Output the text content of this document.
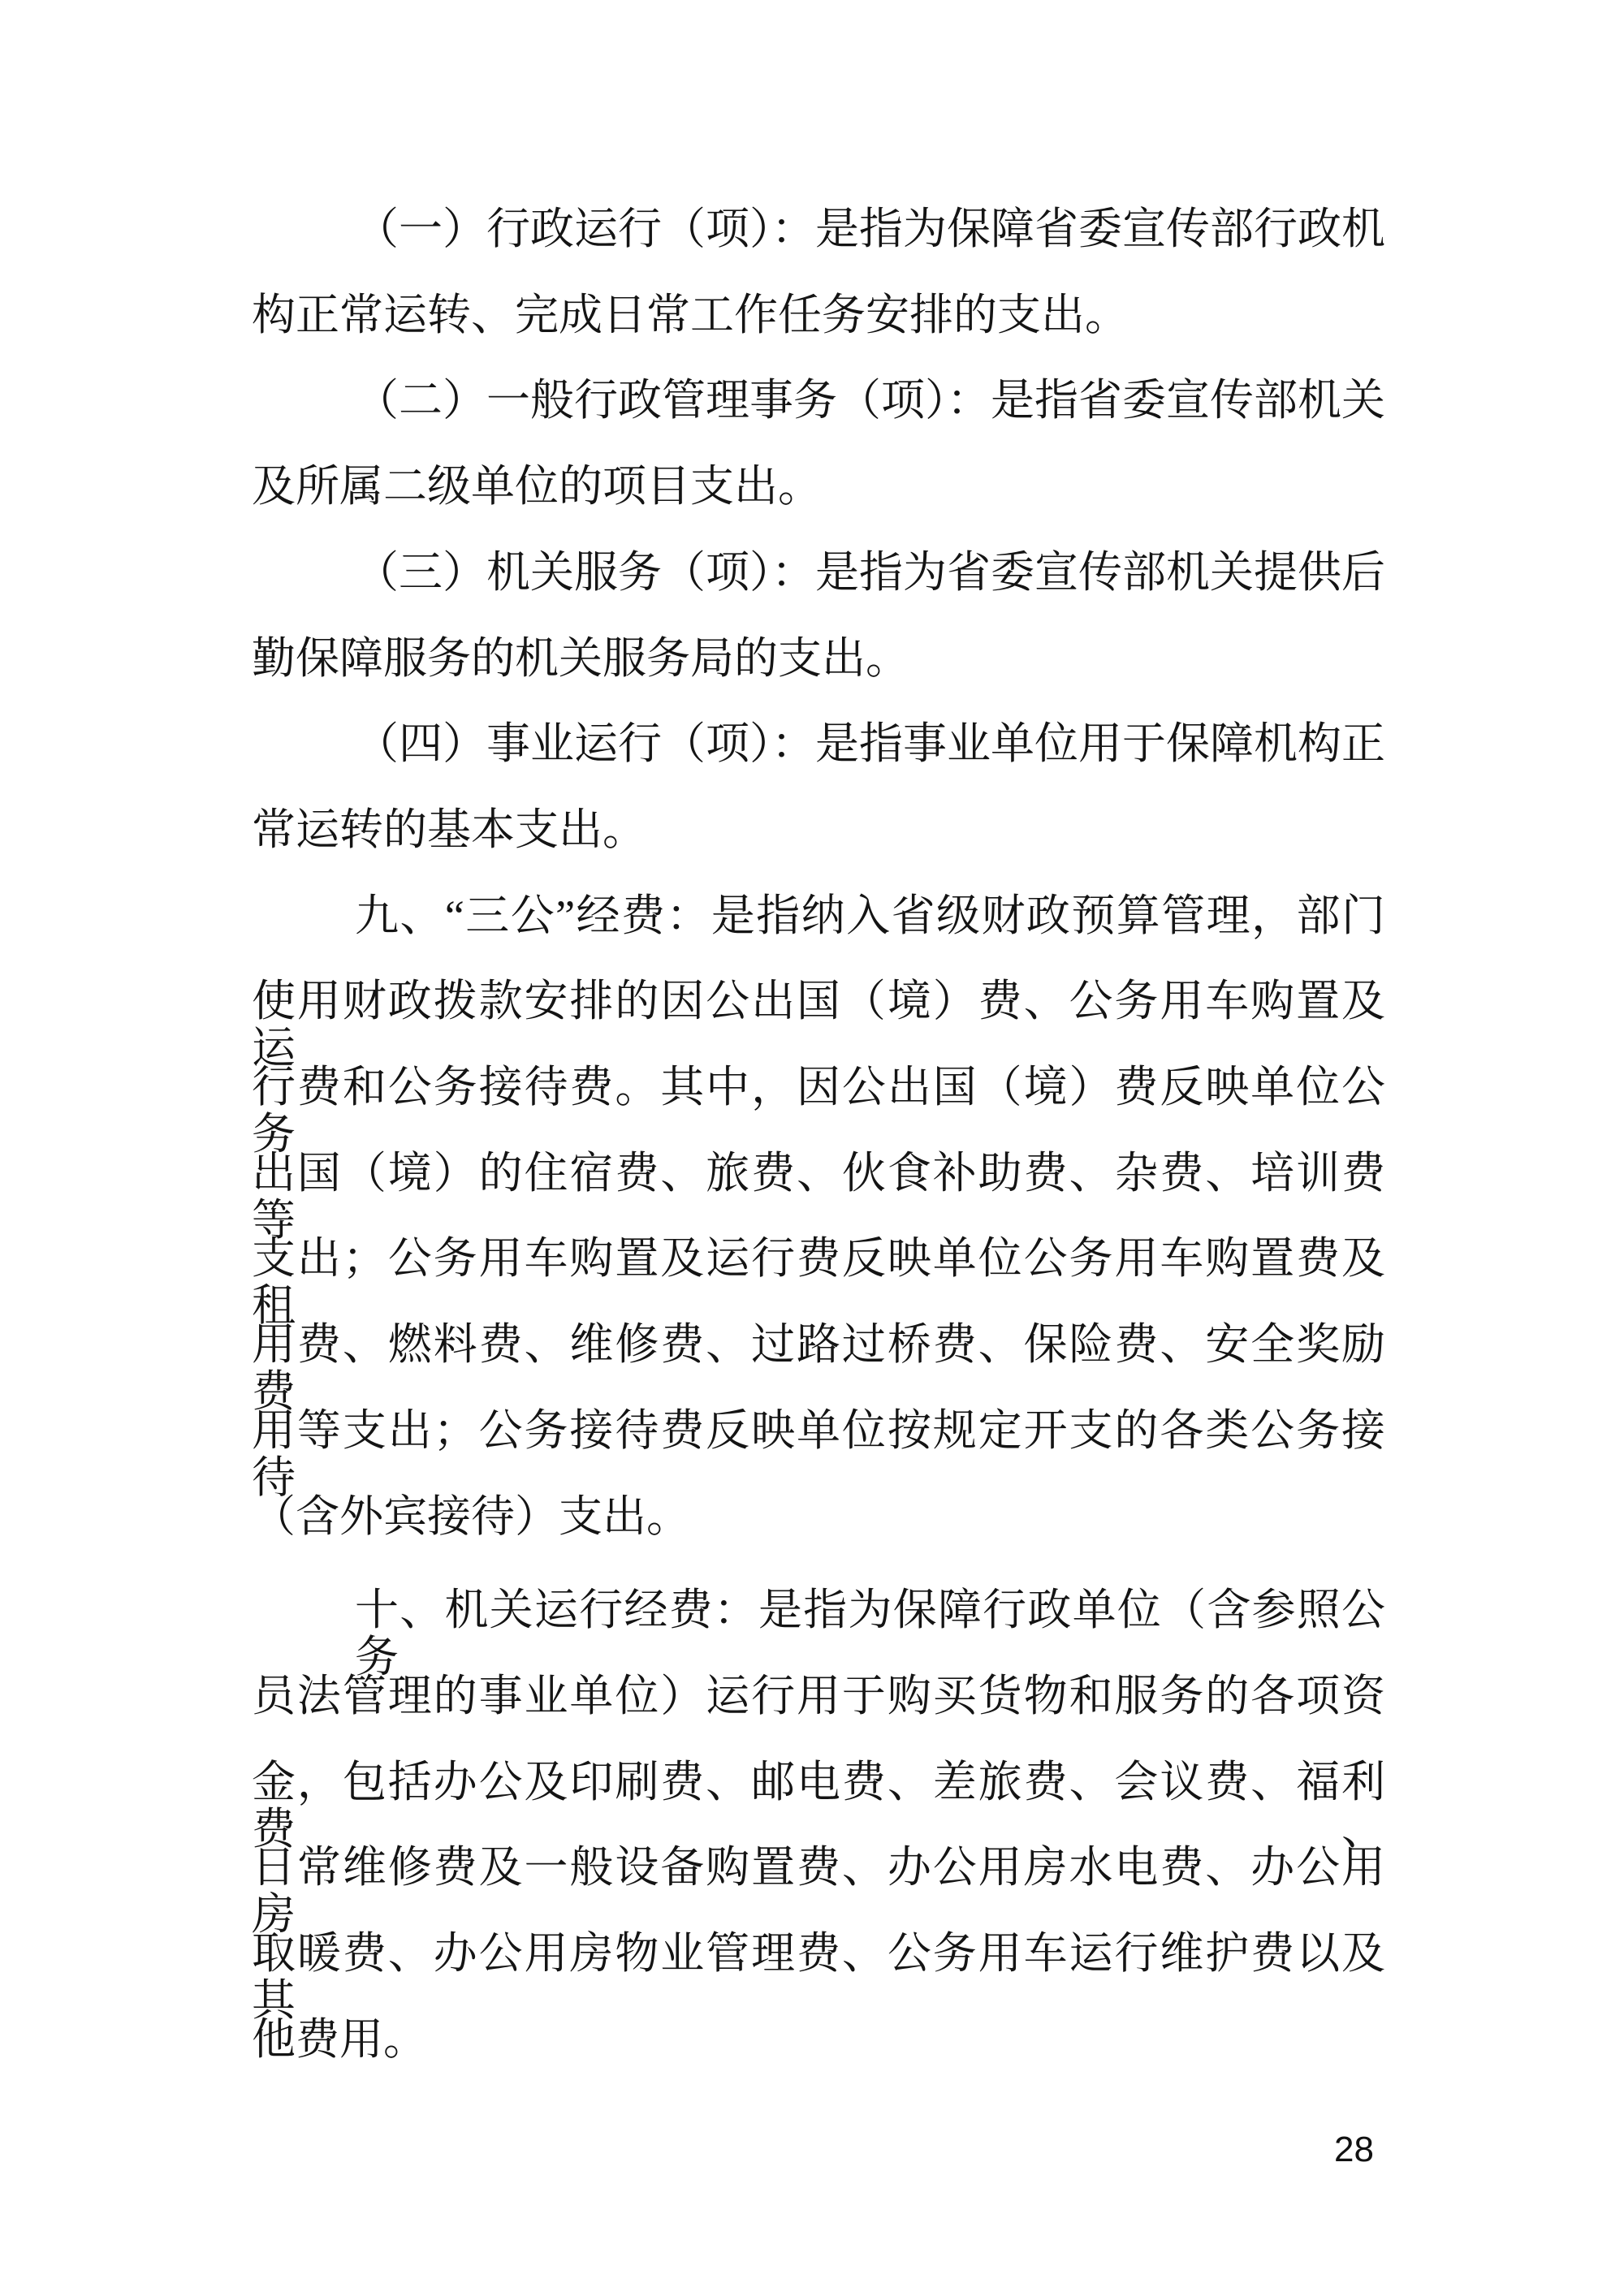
（一）行政运行（项）：是指为保障省委宣传部行政机
构正常运转、完成日常工作任务安排的支出。
（二）一般行政管理事务（项）：是指省委宣传部机关
及所属二级单位的项目支出。
（三）机关服务（项）：是指为省委宣传部机关提供后
勤保障服务的机关服务局的支出。
（四）事业运行（项）：是指事业单位用于保障机构正
常运转的基本支出。
九、“三公”经费：是指纳入省级财政预算管理，部门
使用财政拨款安排的因公出国（境）费、公务用车购置及运
行费和公务接待费。其中，因公出国（境）费反映单位公务
出国（境）的住宿费、旅费、伙食补助费、杂费、培训费等
支出；公务用车购置及运行费反映单位公务用车购置费及租
用费、燃料费、维修费、过路过桥费、保险费、安全奖励费
用等支出；公务接待费反映单位按规定开支的各类公务接待
（含外宾接待）支出。
十、机关运行经费：是指为保障行政单位（含参照公务
员法管理的事业单位）运行用于购买货物和服务的各项资
金，包括办公及印刷费、邮电费、差旅费、会议费、福利费、
日常维修费及一般设备购置费、办公用房水电费、办公用房
取暖费、办公用房物业管理费、公务用车运行维护费以及其
他费用。
28
